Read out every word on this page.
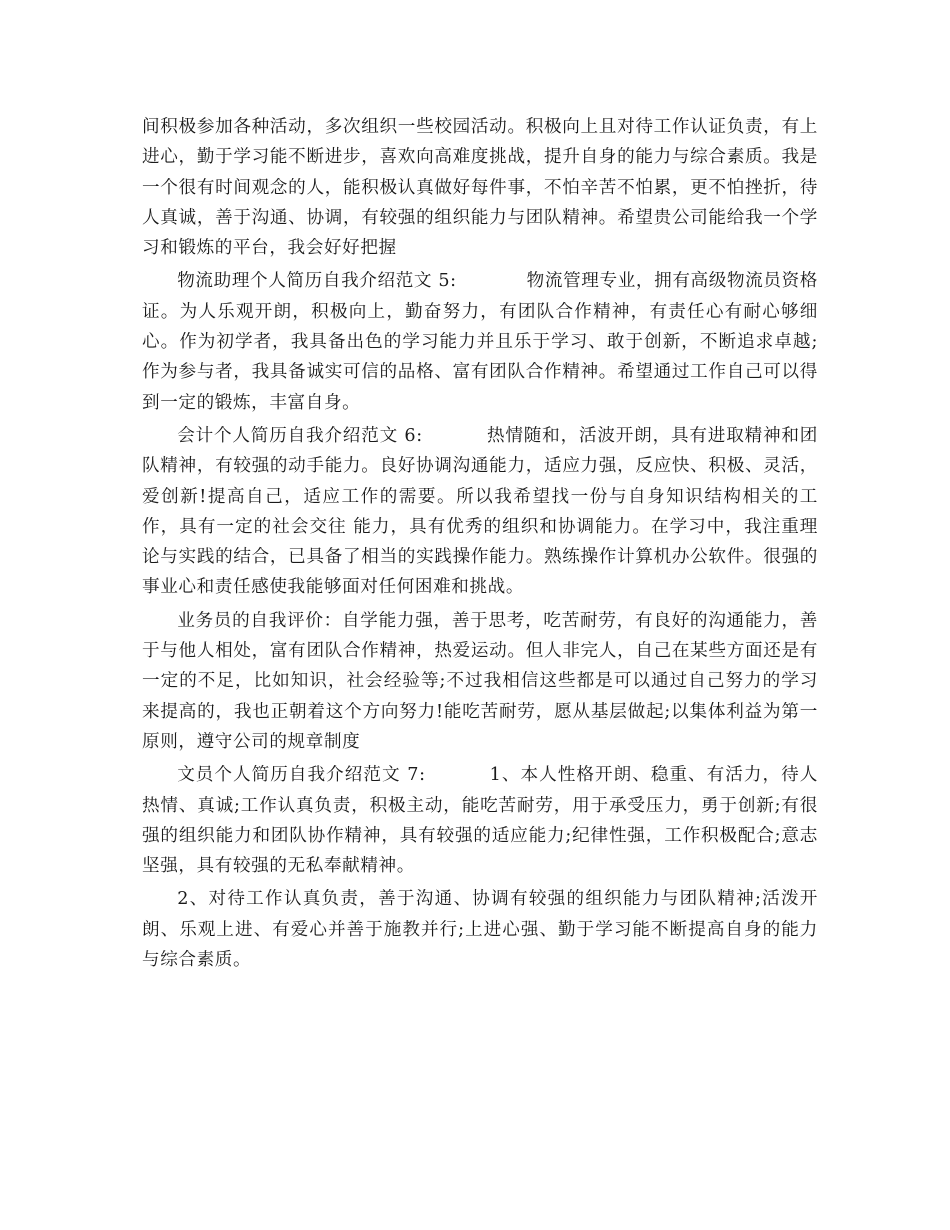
间积极参加各种活动，多次组织一些校园活动。积极向上且对待工作认证负责，有上进心，勤于学习能不断进步，喜欢向高难度挑战，提升自身的能力与综合素质。我是一个很有时间观念的人，能积极认真做好每件事，不怕辛苦不怕累，更不怕挫折，待人真诚，善于沟通、协调，有较强的组织能力与团队精神。希望贵公司能给我一个学习和锻炼的平台，我会好好把握

物流助理个人简历自我介绍范文 5:	物流管理专业，拥有高级物流员资格证。为人乐观开朗，积极向上，勤奋努力，有团队合作精神，有责任心有耐心够细心。作为初学者，我具备出色的学习能力并且乐于学习、敢于创新，不断追求卓越;作为参与者，我具备诚实可信的品格、富有团队合作精神。希望通过工作自己可以得到一定的锻炼，丰富自身。

会计个人简历自我介绍范文 6:	热情随和，活波开朗，具有进取精神和团队精神，有较强的动手能力。良好协调沟通能力，适应力强，反应快、积极、灵活，爱创新!提高自己，适应工作的需要。所以我希望找一份与自身知识结构相关的工作，具有一定的社会交往 能力，具有优秀的组织和协调能力。在学习中，我注重理论与实践的结合，已具备了相当的实践操作能力。熟练操作计算机办公软件。很强的事业心和责任感使我能够面对任何困难和挑战。

业务员的自我评价：自学能力强，善于思考，吃苦耐劳，有良好的沟通能力，善于与他人相处，富有团队合作精神，热爱运动。但人非完人，自己在某些方面还是有一定的不足，比如知识，社会经验等;不过我相信这些都是可以通过自己努力的学习来提高的，我也正朝着这个方向努力!能吃苦耐劳，愿从基层做起;以集体利益为第一原则，遵守公司的规章制度

文员个人简历自我介绍范文 7:	1、本人性格开朗、稳重、有活力，待人热情、真诚;工作认真负责，积极主动，能吃苦耐劳，用于承受压力，勇于创新;有很强的组织能力和团队协作精神，具有较强的适应能力;纪律性强，工作积极配合;意志坚强，具有较强的无私奉献精神。

2、对待工作认真负责，善于沟通、协调有较强的组织能力与团队精神;活泼开朗、乐观上进、有爱心并善于施教并行;上进心强、勤于学习能不断提高自身的能力与综合素质。
